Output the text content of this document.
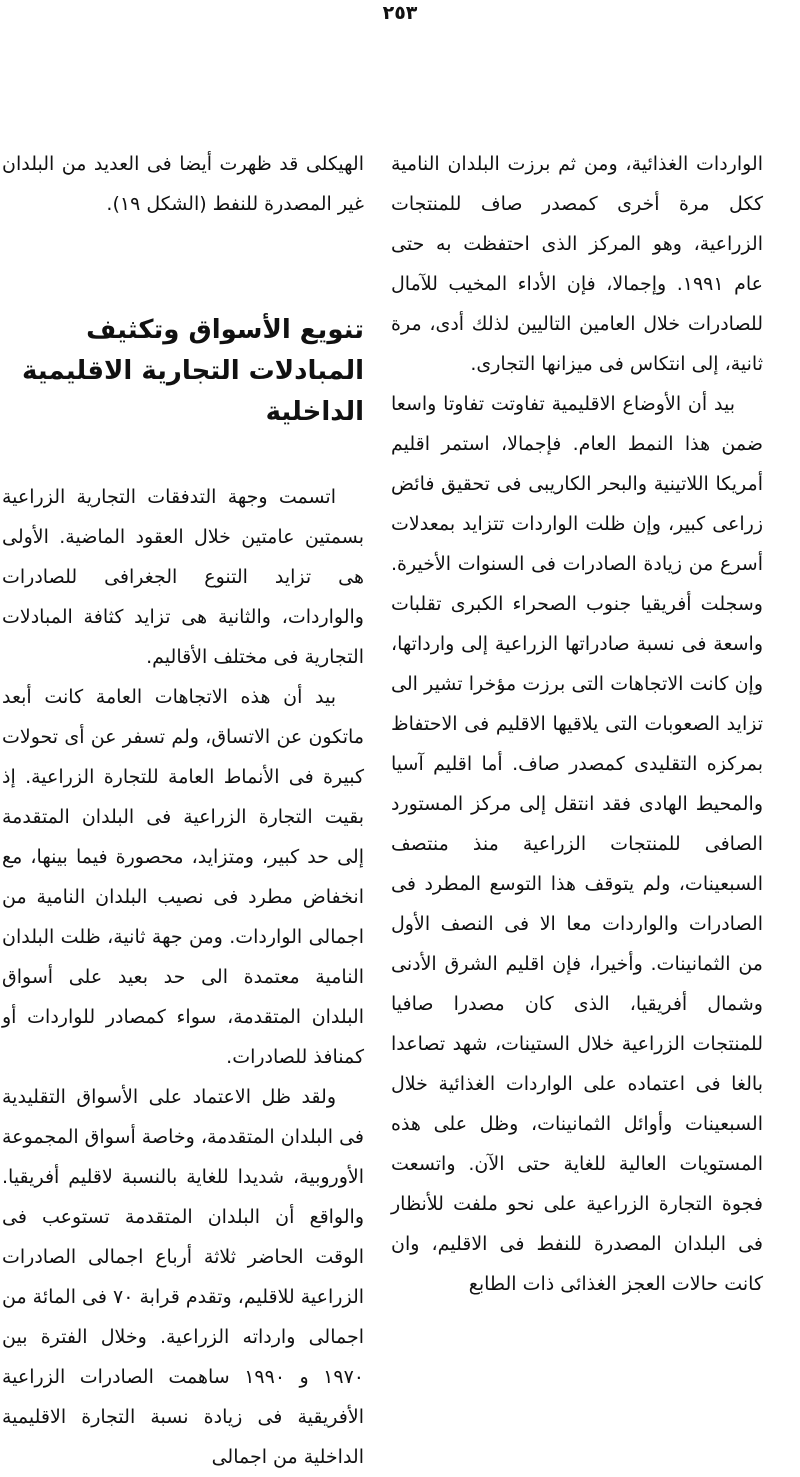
٢٥٣

الواردات الغذائية، ومن ثم برزت البلدان النامية ككل مرة أخرى كمصدر صاف للمنتجات الزراعية، وهو المركز الذى احتفظت به حتى عام ١٩٩١. وإجمالا، فإن الأداء المخيب للآمال للصادرات خلال العامين التاليين لذلك أدى، مرة ثانية، إلى انتكاس فى ميزانها التجارى.

بيد أن الأوضاع الاقليمية تفاوتت تفاوتا واسعا ضمن هذا النمط العام. فإجمالا، استمر اقليم أمريكا اللاتينية والبحر الكاريبى فى تحقيق فائض زراعى كبير، وإن ظلت الواردات تتزايد بمعدلات أسرع من زيادة الصادرات فى السنوات الأخيرة. وسجلت أفريقيا جنوب الصحراء الكبرى تقلبات واسعة فى نسبة صادراتها الزراعية إلى وارداتها، وإن كانت الاتجاهات التى برزت مؤخرا تشير الى تزايد الصعوبات التى يلاقيها الاقليم فى الاحتفاظ بمركزه التقليدى كمصدر صاف. أما اقليم آسيا والمحيط الهادى فقد انتقل إلى مركز المستورد الصافى للمنتجات الزراعية منذ منتصف السبعينات، ولم يتوقف هذا التوسع المطرد فى الصادرات والواردات معا الا فى النصف الأول من الثمانينات. وأخيرا، فإن اقليم الشرق الأدنى وشمال أفريقيا، الذى كان مصدرا صافيا للمنتجات الزراعية خلال الستينات، شهد تصاعدا بالغا فى اعتماده على الواردات الغذائية خلال السبعينات وأوائل الثمانينات، وظل على هذه المستويات العالية للغاية حتى الآن. واتسعت فجوة التجارة الزراعية على نحو ملفت للأنظار فى البلدان المصدرة للنفط فى الاقليم، وان كانت حالات العجز الغذائى ذات الطابع

الهيكلى قد ظهرت أيضا فى العديد من البلدان غير المصدرة للنفط (الشكل ١٩).

تنويع الأسواق وتكثيف المبادلات التجارية الاقليمية الداخلية

اتسمت وجهة التدفقات التجارية الزراعية بسمتين عامتين خلال العقود الماضية. الأولى هى تزايد التنوع الجغرافى للصادرات والواردات، والثانية هى تزايد كثافة المبادلات التجارية فى مختلف الأقاليم.

بيد أن هذه الاتجاهات العامة كانت أبعد ماتكون عن الاتساق، ولم تسفر عن أى تحولات كبيرة فى الأنماط العامة للتجارة الزراعية. إذ بقيت التجارة الزراعية فى البلدان المتقدمة إلى حد كبير، ومتزايد، محصورة فيما بينها، مع انخفاض مطرد فى نصيب البلدان النامية من اجمالى الواردات. ومن جهة ثانية، ظلت البلدان النامية معتمدة الى حد بعيد على أسواق البلدان المتقدمة، سواء كمصادر للواردات أو كمنافذ للصادرات.

ولقد ظل الاعتماد على الأسواق التقليدية فى البلدان المتقدمة، وخاصة أسواق المجموعة الأوروبية، شديدا للغاية بالنسبة لاقليم أفريقيا. والواقع أن البلدان المتقدمة تستوعب فى الوقت الحاضر ثلاثة أرباع اجمالى الصادرات الزراعية للاقليم، وتقدم قرابة ٧٠ فى المائة من اجمالى وارداته الزراعية. وخلال الفترة بين ١٩٧٠ و ١٩٩٠ ساهمت الصادرات الزراعية الأفريقية فى زيادة نسبة التجارة الاقليمية الداخلية من اجمالى
